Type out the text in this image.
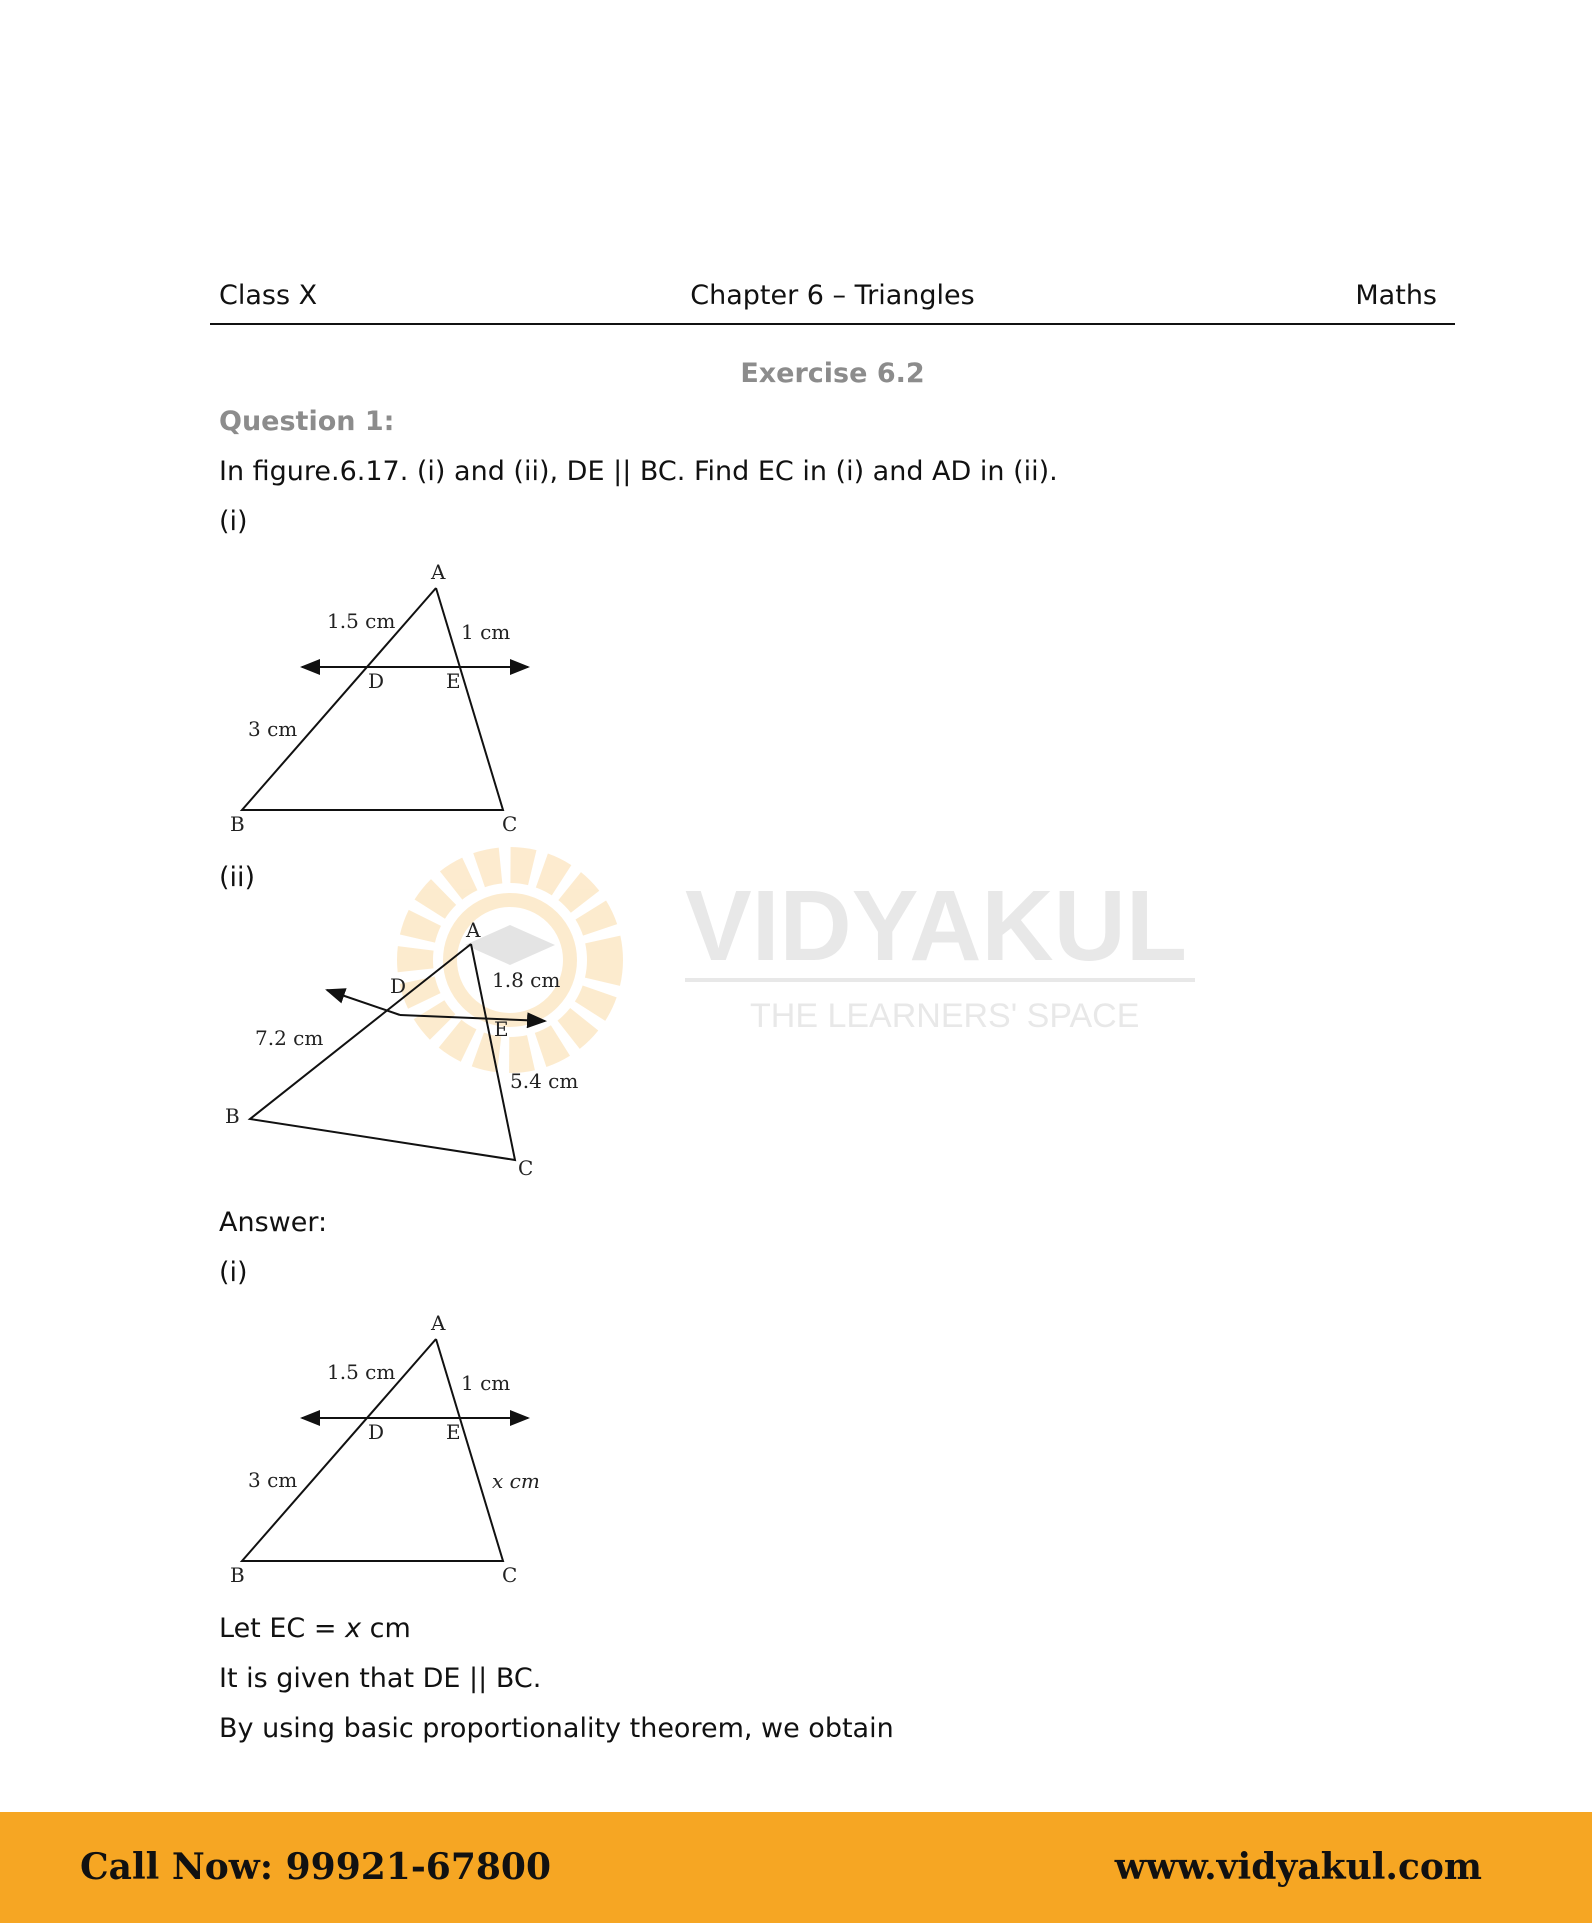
Class X	Chapter 6 – Triangles	Maths
Exercise 6.2
Question 1:
In figure.6.17. (i) and (ii), DE || BC. Find EC in (i) and AD in (ii).
(i)
VIDYAKUL
THE LEARNERS' SPACE
A
B	C
D	E
1.5 cm	1 cm
3 cm
(ii)
A
B
C
D
E
1.8 cm
7.2 cm
5.4 cm
Answer:
(i)
A
B	C
D	E
1.5 cm	1 cm
3 cm	x cm
Let EC = x cm
It is given that DE || BC.
By using basic proportionality theorem, we obtain
Call Now: 99921-67800	www.vidyakul.com
